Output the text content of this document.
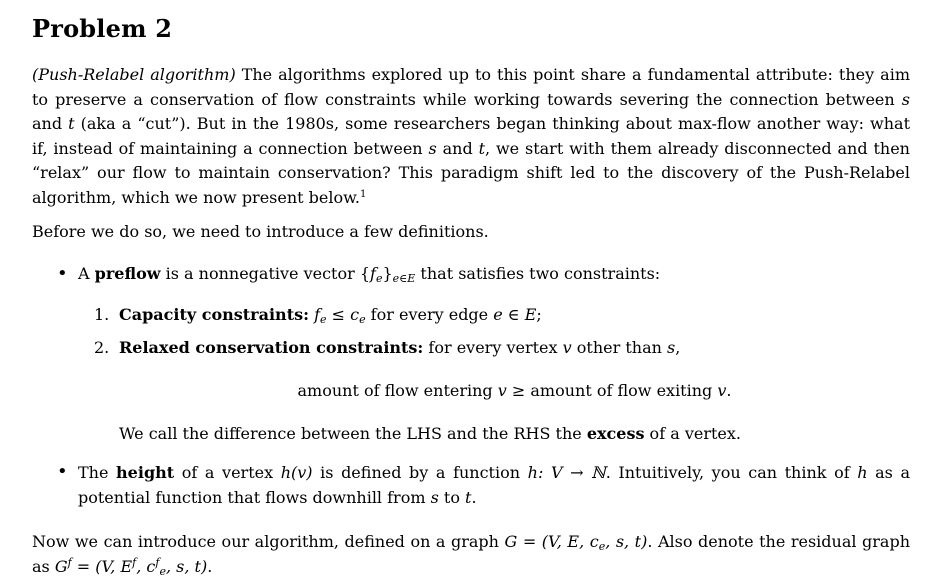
Problem 2
(Push-Relabel algorithm) The algorithms explored up to this point share a fundamental attribute: they aim to preserve a conservation of flow constraints while working towards severing the connection between s and t (aka a “cut”). But in the 1980s, some researchers began thinking about max-flow another way: what if, instead of maintaining a connection between s and t, we start with them already disconnected and then “relax” our flow to maintain conservation? This paradigm shift led to the discovery of the Push-Relabel algorithm, which we now present below.$^1$
Before we do so, we need to introduce a few definitions.
• A preflow is a nonnegative vector $\{f_e\}_{e\in E}$ that satisfies two constraints:
1. Capacity constraints: $f_e \le c_e$ for every edge e ∈ E;
2. Relaxed conservation constraints: for every vertex v other than s,
amount of flow entering v ≥ amount of flow exiting v.
We call the difference between the LHS and the RHS the excess of a vertex.
• The height of a vertex h(v) is defined by a function h: V → ℕ. Intuitively, you can think of h as a potential function that flows downhill from s to t.
Now we can introduce our algorithm, defined on a graph G = (V, E, $c_e$, s, t). Also denote the residual graph as $G^f = (V$, $E^f$, $c^f_e$, s, t).
